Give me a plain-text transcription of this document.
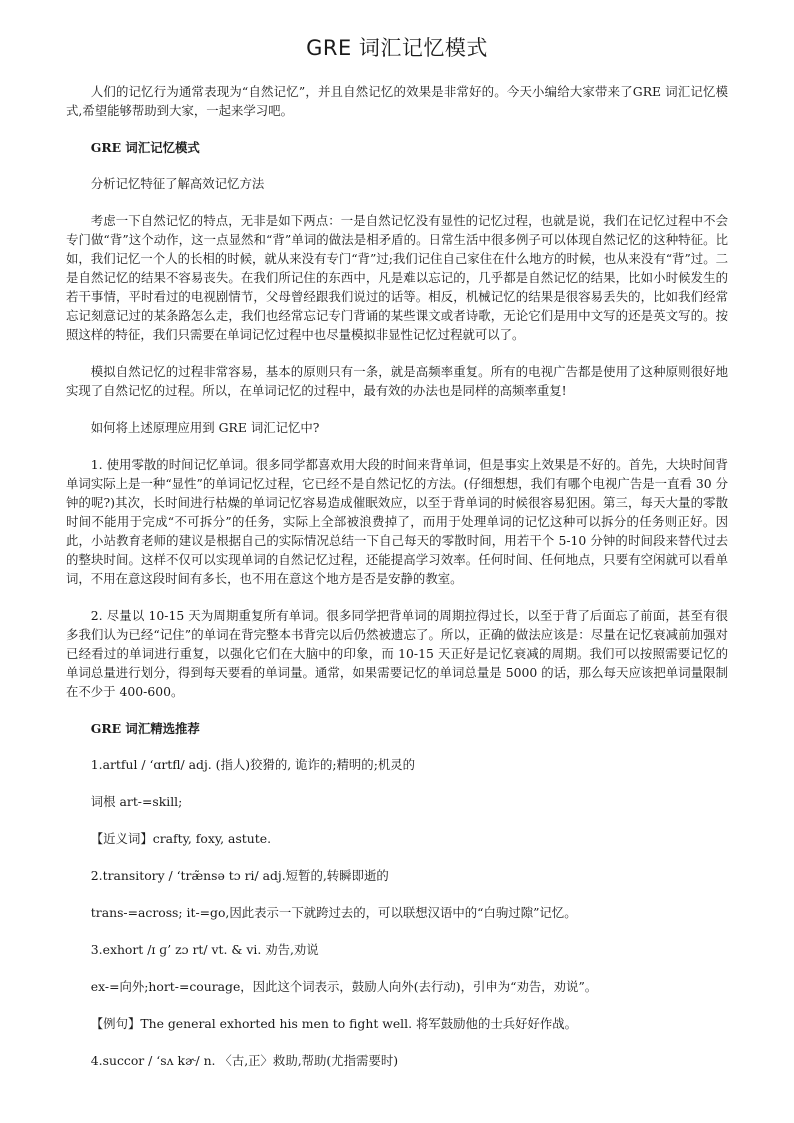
GRE 词汇记忆模式
人们的记忆行为通常表现为“自然记忆”，并且自然记忆的效果是非常好的。今天小编给大家带来了GRE 词汇记忆模式,希望能够帮助到大家，一起来学习吧。
GRE 词汇记忆模式
分析记忆特征了解高效记忆方法
考虑一下自然记忆的特点，无非是如下两点：一是自然记忆没有显性的记忆过程，也就是说，我们在记忆过程中不会专门做“背”这个动作，这一点显然和“背”单词的做法是相矛盾的。日常生活中很多例子可以体现自然记忆的这种特征。比如，我们记忆一个人的长相的时候，就从来没有专门“背”过;我们记住自己家住在什么地方的时候，也从来没有“背”过。二是自然记忆的结果不容易丧失。在我们所记住的东西中，凡是难以忘记的，几乎都是自然记忆的结果，比如小时候发生的若干事情，平时看过的电视剧情节，父母曾经跟我们说过的话等。相反，机械记忆的结果是很容易丢失的，比如我们经常忘记刻意记过的某条路怎么走，我们也经常忘记专门背诵的某些课文或者诗歌，无论它们是用中文写的还是英文写的。按照这样的特征，我们只需要在单词记忆过程中也尽量模拟非显性记忆过程就可以了。
模拟自然记忆的过程非常容易，基本的原则只有一条，就是高频率重复。所有的电视广告都是使用了这种原则很好地实现了自然记忆的过程。所以，在单词记忆的过程中，最有效的办法也是同样的高频率重复!
如何将上述原理应用到 GRE 词汇记忆中?
1. 使用零散的时间记忆单词。很多同学都喜欢用大段的时间来背单词，但是事实上效果是不好的。首先，大块时间背单词实际上是一种“显性”的单词记忆过程，它已经不是自然记忆的方法。(仔细想想，我们有哪个电视广告是一直看 30 分钟的呢?)其次，长时间进行枯燥的单词记忆容易造成催眠效应，以至于背单词的时候很容易犯困。第三，每天大量的零散时间不能用于完成“不可拆分”的任务，实际上全部被浪费掉了，而用于处理单词的记忆这种可以拆分的任务则正好。因此，小站教育老师的建议是根据自己的实际情况总结一下自己每天的零散时间，用若干个 5-10 分钟的时间段来替代过去的整块时间。这样不仅可以实现单词的自然记忆过程，还能提高学习效率。任何时间、任何地点，只要有空闲就可以看单词，不用在意这段时间有多长，也不用在意这个地方是否是安静的教室。
2. 尽量以 10-15 天为周期重复所有单词。很多同学把背单词的周期拉得过长，以至于背了后面忘了前面，甚至有很多我们认为已经“记住”的单词在背完整本书背完以后仍然被遗忘了。所以，正确的做法应该是：尽量在记忆衰减前加强对已经看过的单词进行重复，以强化它们在大脑中的印象，而 10-15 天正好是记忆衰减的周期。我们可以按照需要记忆的单词总量进行划分，得到每天要看的单词量。通常，如果需要记忆的单词总量是 5000 的话，那么每天应该把单词量限制在不少于 400-600。
GRE 词汇精选推荐
1.artful / ‘ɑrtfl/ adj. (指人)狡猾的, 诡诈的;精明的;机灵的
词根 art-=skill;
【近义词】crafty, foxy, astute.
2.transitory / ‘træ̃nsə tɔ ri/ adj.短暂的,转瞬即逝的
trans-=across; it-=go,因此表示一下就跨过去的，可以联想汉语中的“白驹过隙”记忆。
3.exhort /ɪ ɡ’ zɔ rt/ vt. & vi. 劝告,劝说
ex-=向外;hort-=courage，因此这个词表示，鼓励人向外(去行动)，引申为“劝告，劝说”。
【例句】The general exhorted his men to fight well. 将军鼓励他的士兵好好作战。
4.succor / ‘sʌ kɚ/ n. 〈古,正〉救助,帮助(尤指需要时)
